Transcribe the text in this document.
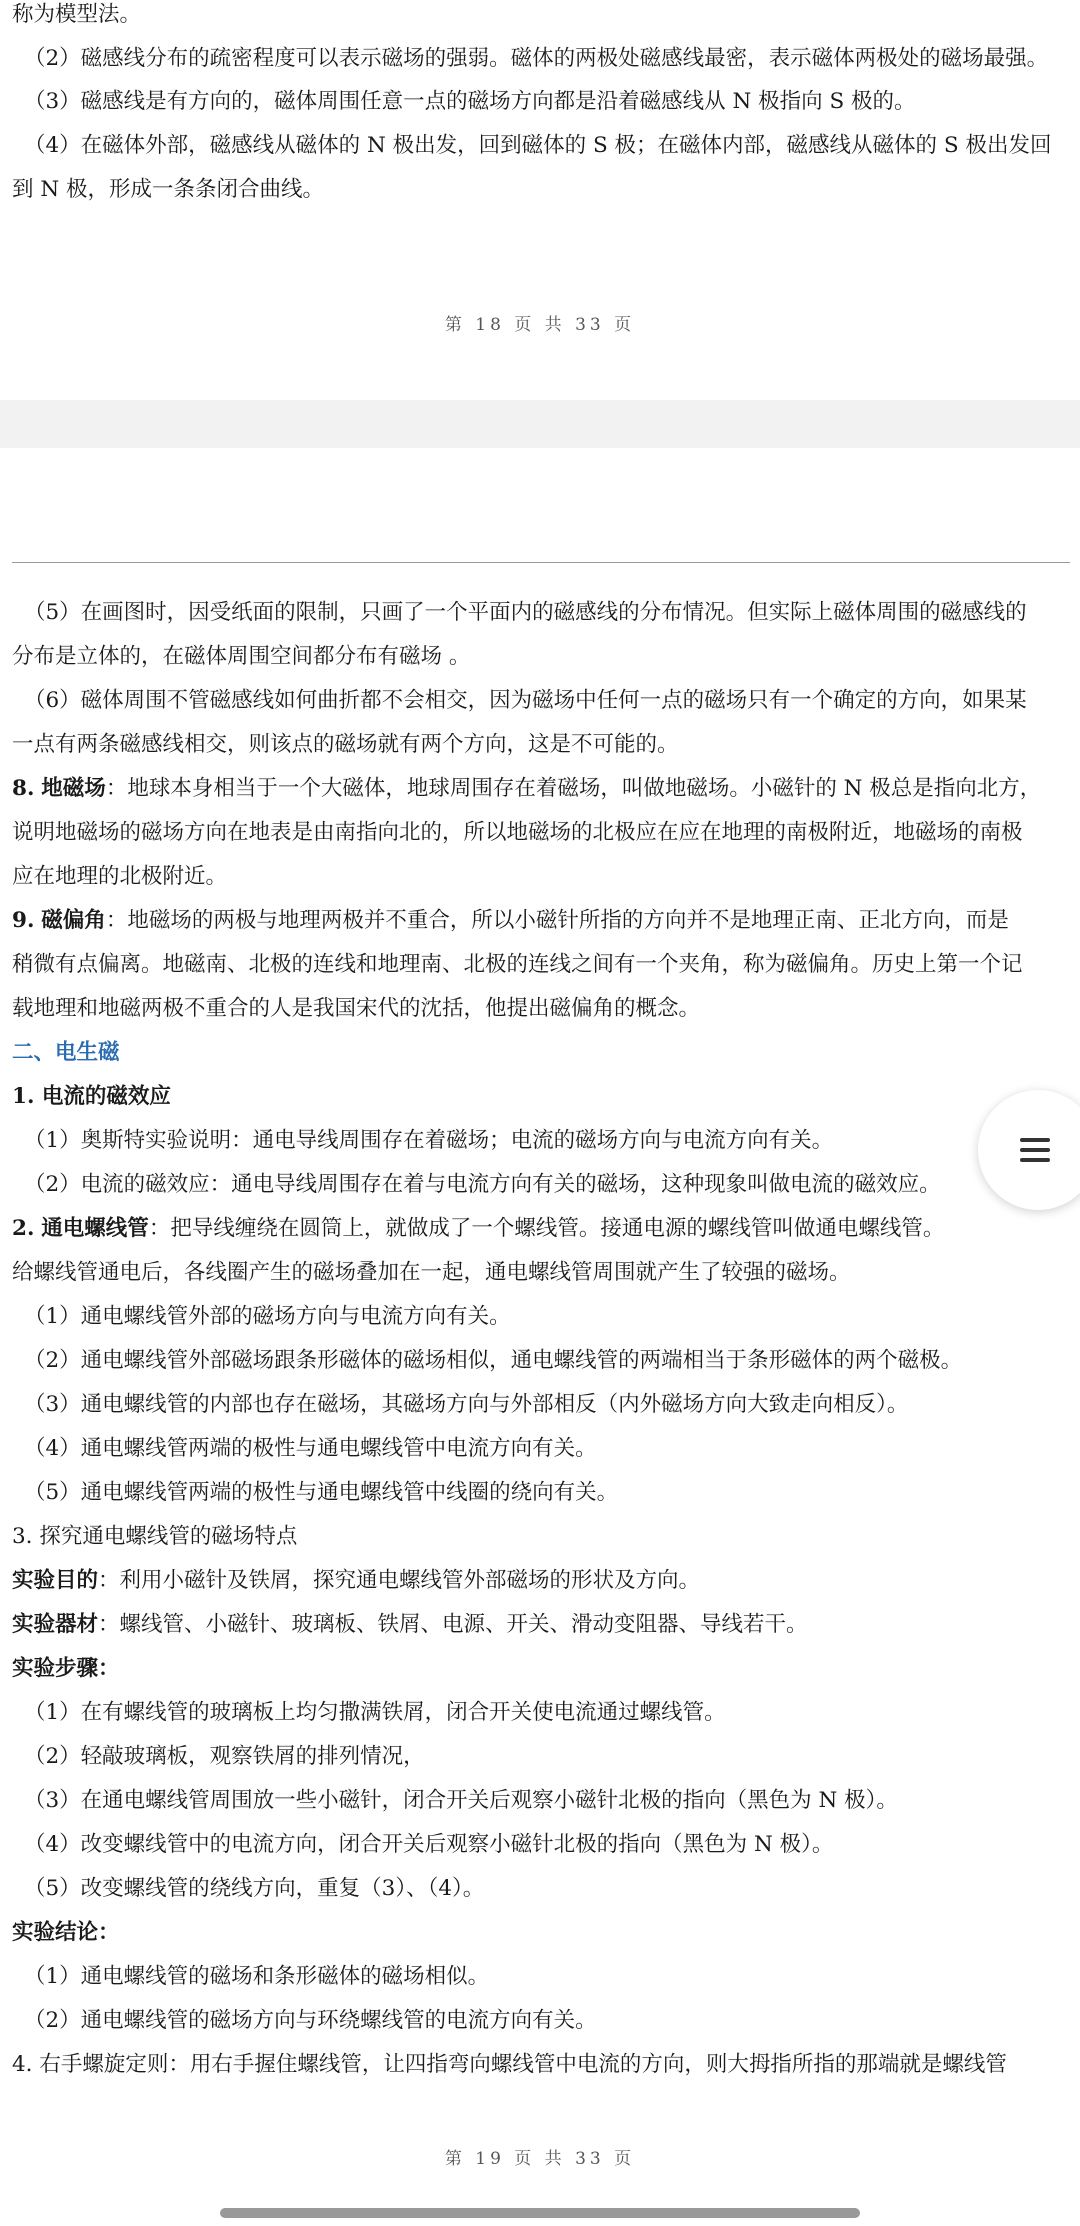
称为模型法。
（2）磁感线分布的疏密程度可以表示磁场的强弱。磁体的两极处磁感线最密，表示磁体两极处的磁场最强。
（3）磁感线是有方向的，磁体周围任意一点的磁场方向都是沿着磁感线从 N 极指向 S 极的。
（4）在磁体外部，磁感线从磁体的 N 极出发，回到磁体的 S 极；在磁体内部，磁感线从磁体的 S 极出发回
到 N 极，形成一条条闭合曲线。
第 18 页 共 33 页
（5）在画图时，因受纸面的限制，只画了一个平面内的磁感线的分布情况。但实际上磁体周围的磁感线的
分布是立体的，在磁体周围空间都分布有磁场 。
（6）磁体周围不管磁感线如何曲折都不会相交，因为磁场中任何一点的磁场只有一个确定的方向，如果某
一点有两条磁感线相交，则该点的磁场就有两个方向，这是不可能的。
8. 地磁场：地球本身相当于一个大磁体，地球周围存在着磁场，叫做地磁场。小磁针的 N 极总是指向北方，
说明地磁场的磁场方向在地表是由南指向北的，所以地磁场的北极应在应在地理的南极附近，地磁场的南极
应在地理的北极附近。
9. 磁偏角：地磁场的两极与地理两极并不重合，所以小磁针所指的方向并不是地理正南、正北方向，而是
稍微有点偏离。地磁南、北极的连线和地理南、北极的连线之间有一个夹角，称为磁偏角。历史上第一个记
载地理和地磁两极不重合的人是我国宋代的沈括，他提出磁偏角的概念。
二、电生磁
1. 电流的磁效应
（1）奥斯特实验说明：通电导线周围存在着磁场；电流的磁场方向与电流方向有关。
（2）电流的磁效应：通电导线周围存在着与电流方向有关的磁场，这种现象叫做电流的磁效应。
2. 通电螺线管：把导线缠绕在圆筒上，就做成了一个螺线管。接通电源的螺线管叫做通电螺线管。
给螺线管通电后，各线圈产生的磁场叠加在一起，通电螺线管周围就产生了较强的磁场。
（1）通电螺线管外部的磁场方向与电流方向有关。
（2）通电螺线管外部磁场跟条形磁体的磁场相似，通电螺线管的两端相当于条形磁体的两个磁极。
（3）通电螺线管的内部也存在磁场，其磁场方向与外部相反（内外磁场方向大致走向相反）。
（4）通电螺线管两端的极性与通电螺线管中电流方向有关。
（5）通电螺线管两端的极性与通电螺线管中线圈的绕向有关。
3. 探究通电螺线管的磁场特点
实验目的：利用小磁针及铁屑，探究通电螺线管外部磁场的形状及方向。
实验器材：螺线管、小磁针、玻璃板、铁屑、电源、开关、滑动变阻器、导线若干。
实验步骤：
（1）在有螺线管的玻璃板上均匀撒满铁屑，闭合开关使电流通过螺线管。
（2）轻敲玻璃板，观察铁屑的排列情况，
（3）在通电螺线管周围放一些小磁针，闭合开关后观察小磁针北极的指向（黑色为 N 极）。
（4）改变螺线管中的电流方向，闭合开关后观察小磁针北极的指向（黑色为 N 极）。
（5）改变螺线管的绕线方向，重复（3）、（4）。
实验结论：
（1）通电螺线管的磁场和条形磁体的磁场相似。
（2）通电螺线管的磁场方向与环绕螺线管的电流方向有关。
4. 右手螺旋定则：用右手握住螺线管，让四指弯向螺线管中电流的方向，则大拇指所指的那端就是螺线管
第 19 页 共 33 页
